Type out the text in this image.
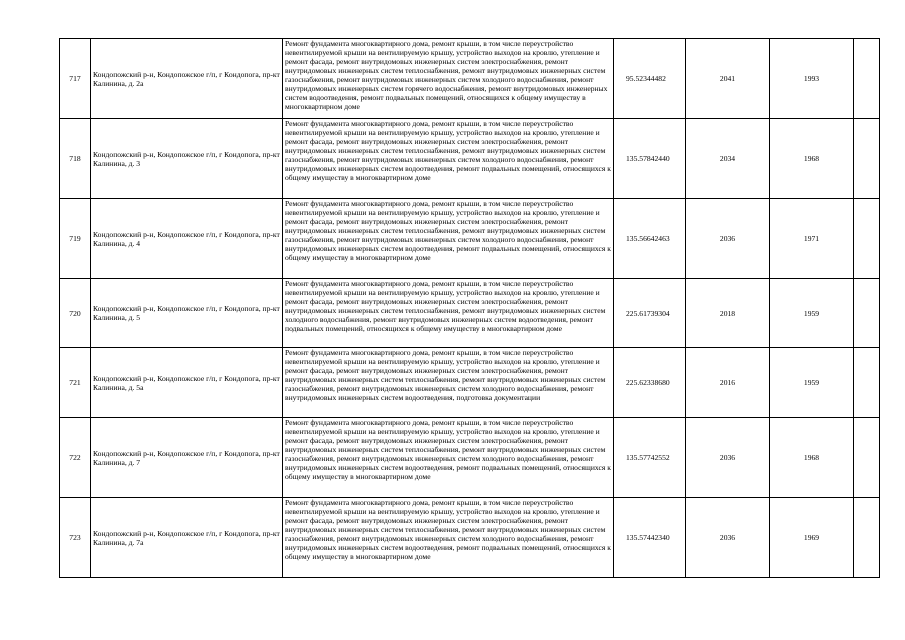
717	Кондопожский р-н, Кондопожское г/п, г Кондопога, пр-кт Калинина, д. 2а	Ремонт фундамента многоквартирного дома, ремонт крыши, в том числе переустройство невентилируемой крыши на вентилируемую крышу, устройство выходов на кровлю, утепление и ремонт фасада, ремонт внутридомовых инженерных систем электроснабжения, ремонт внутридомовых инженерных систем теплоснабжения, ремонт внутридомовых инженерных систем газоснабжения, ремонт внутридомовых инженерных систем холодного водоснабжения, ремонт внутридомовых инженерных систем горячего водоснабжения, ремонт внутридомовых инженерных систем водоотведения, ремонт подвальных помещений, относящихся к общему имуществу в многоквартирном доме	95.52344482	2041	1993	
718	Кондопожский р-н, Кондопожское г/п, г Кондопога, пр-кт Калинина, д. 3	Ремонт фундамента многоквартирного дома, ремонт крыши, в том числе переустройство невентилируемой крыши на вентилируемую крышу, устройство выходов на кровлю, утепление и ремонт фасада, ремонт внутридомовых инженерных систем электроснабжения, ремонт внутридомовых инженерных систем теплоснабжения, ремонт внутридомовых инженерных систем газоснабжения, ремонт внутридомовых инженерных систем холодного водоснабжения, ремонт внутридомовых инженерных систем водоотведения, ремонт подвальных помещений, относящихся к общему имуществу в многоквартирном доме	135.57842440	2034	1968	
719	Кондопожский р-н, Кондопожское г/п, г Кондопога, пр-кт Калинина, д. 4	Ремонт фундамента многоквартирного дома, ремонт крыши, в том числе переустройство невентилируемой крыши на вентилируемую крышу, устройство выходов на кровлю, утепление и ремонт фасада, ремонт внутридомовых инженерных систем электроснабжения, ремонт внутридомовых инженерных систем теплоснабжения, ремонт внутридомовых инженерных систем газоснабжения, ремонт внутридомовых инженерных систем холодного водоснабжения, ремонт внутридомовых инженерных систем водоотведения, ремонт подвальных помещений, относящихся к общему имуществу в многоквартирном доме	135.56642463	2036	1971	
720	Кондопожский р-н, Кондопожское г/п, г Кондопога, пр-кт Калинина, д. 5	Ремонт фундамента многоквартирного дома, ремонт крыши, в том числе переустройство невентилируемой крыши на вентилируемую крышу, устройство выходов на кровлю, утепление и ремонт фасада, ремонт внутридомовых инженерных систем электроснабжения, ремонт внутридомовых инженерных систем теплоснабжения, ремонт внутридомовых инженерных систем холодного водоснабжения, ремонт внутридомовых инженерных систем водоотведения, ремонт подвальных помещений, относящихся к общему имуществу в многоквартирном доме	225.61739304	2018	1959	
721	Кондопожский р-н, Кондопожское г/п, г Кондопога, пр-кт Калинина, д. 5а	Ремонт фундамента многоквартирного дома, ремонт крыши, в том числе переустройство невентилируемой крыши на вентилируемую крышу, устройство выходов на кровлю, утепление и ремонт фасада, ремонт внутридомовых инженерных систем электроснабжения, ремонт внутридомовых инженерных систем теплоснабжения, ремонт внутридомовых инженерных систем газоснабжения, ремонт внутридомовых инженерных систем холодного водоснабжения, ремонт внутридомовых инженерных систем водоотведения, подготовка документации	225.62338680	2016	1959	
722	Кондопожский р-н, Кондопожское г/п, г Кондопога, пр-кт Калинина, д. 7	Ремонт фундамента многоквартирного дома, ремонт крыши, в том числе переустройство невентилируемой крыши на вентилируемую крышу, устройство выходов на кровлю, утепление и ремонт фасада, ремонт внутридомовых инженерных систем электроснабжения, ремонт внутридомовых инженерных систем теплоснабжения, ремонт внутридомовых инженерных систем газоснабжения, ремонт внутридомовых инженерных систем холодного водоснабжения, ремонт внутридомовых инженерных систем водоотведения, ремонт подвальных помещений, относящихся к общему имуществу в многоквартирном доме	135.57742552	2036	1968	
723	Кондопожский р-н, Кондопожское г/п, г Кондопога, пр-кт Калинина, д. 7а	Ремонт фундамента многоквартирного дома, ремонт крыши, в том числе переустройство невентилируемой крыши на вентилируемую крышу, устройство выходов на кровлю, утепление и ремонт фасада, ремонт внутридомовых инженерных систем электроснабжения, ремонт внутридомовых инженерных систем теплоснабжения, ремонт внутридомовых инженерных систем газоснабжения, ремонт внутридомовых инженерных систем холодного водоснабжения, ремонт внутридомовых инженерных систем водоотведения, ремонт подвальных помещений, относящихся к общему имуществу в многоквартирном доме	135.57442340	2036	1969	
